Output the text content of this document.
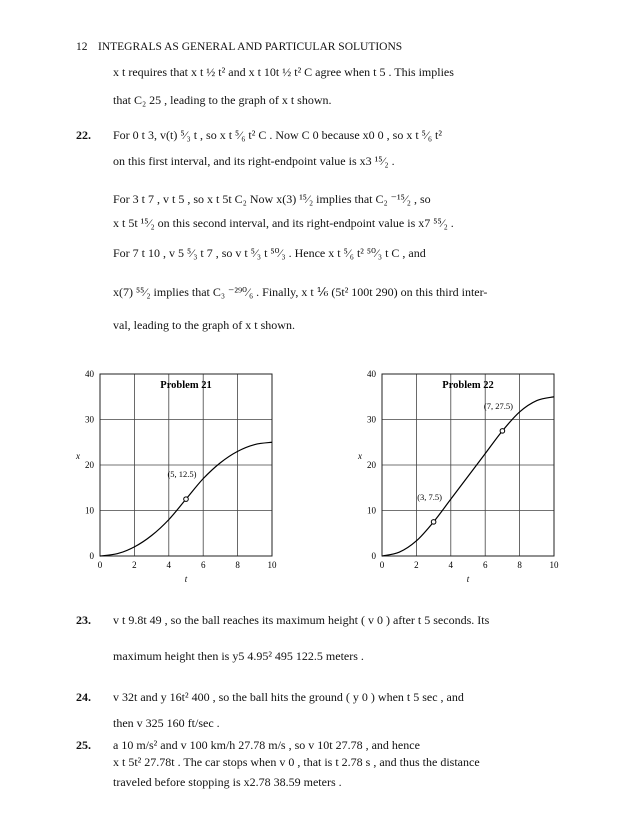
12 INTEGRALS AS GENERAL AND PARTICULAR SOLUTIONS
22.
23.
24.
25.
x t requires that x t ½ t² and x t 10t ½ t² C agree when t 5 . This implies
that C₂ 25 , leading to the graph of x t shown.
For 0 t 3, v(t) ⁵⁄₃ t , so x t ⁵⁄₆ t² C . Now C 0 because x0 0 , so x t ⁵⁄₆ t²
on this first interval, and its right-endpoint value is x3 ¹⁵⁄₂ .
For 3 t 7 , v t 5 , so x t 5t C₂ Now x(3) ¹⁵⁄₂ implies that C₂ ⁻¹⁵⁄₂ , so
x t 5t ¹⁵⁄₂ on this second interval, and its right-endpoint value is x7 ⁵⁵⁄₂ .
For 7 t 10 , v 5 ⁵⁄₃ t 7 , so v t ⁵⁄₃ t ⁵⁰⁄₃ . Hence x t ⁵⁄₆ t² ⁵⁰⁄₃ t C , and
x(7) ⁵⁵⁄₂ implies that C₃ ⁻²⁹⁰⁄₆ . Finally, x t ⅙ (5t² 100t 290) on this third inter-
val, leading to the graph of x t shown.
v t 9.8t 49 , so the ball reaches its maximum height ( v 0 ) after t 5 seconds. Its
maximum height then is y5 4.95² 495 122.5 meters .
v 32t and y 16t² 400 , so the ball hits the ground ( y 0 ) when t 5 sec , and
then v 325 160 ft/sec .
a 10 m/s² and v 100 km/h 27.78 m/s , so v 10t 27.78 , and hence
x t 5t² 27.78t . The car stops when v 0 , that is t 2.78 s , and thus the distance
traveled before stopping is x2.78 38.59 meters .
0	2	4	6	8	10
0
10
20
30
40
Problem 21
t
x
(5, 12.5)
0	2	4	6	8	10
0
10
20
30
40
Problem 22
t
x
(3, 7.5)
(7, 27.5)
